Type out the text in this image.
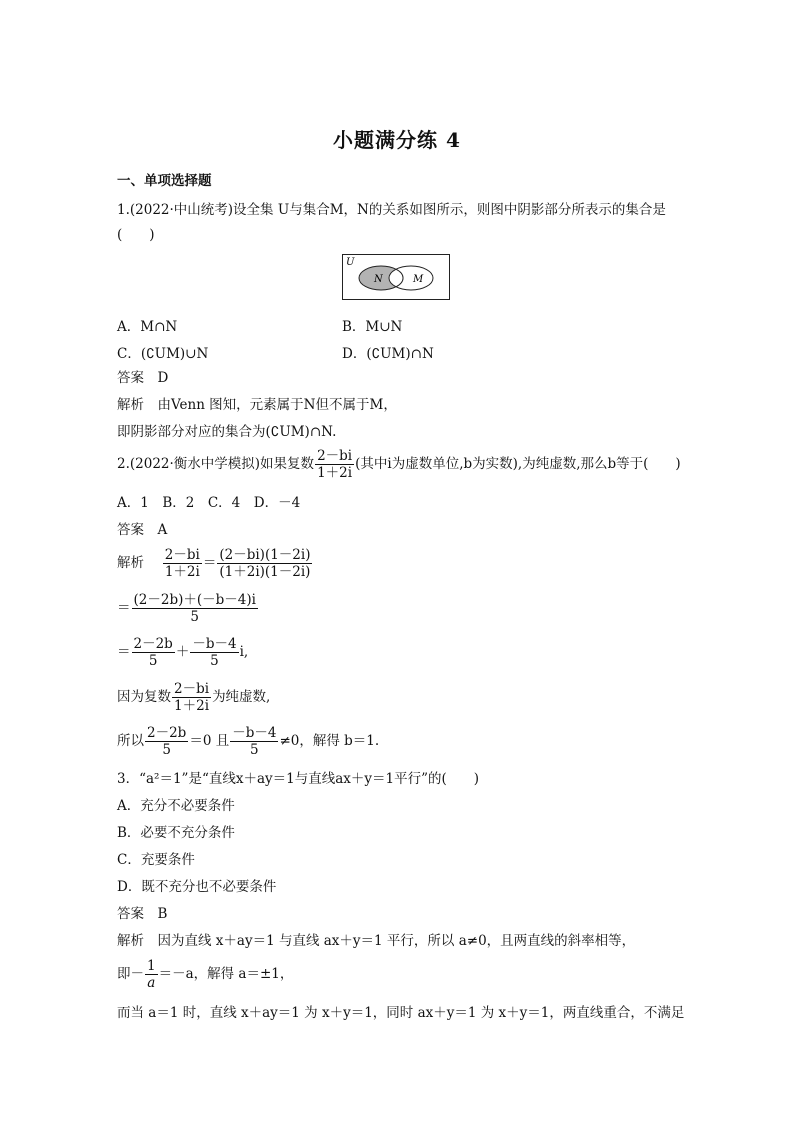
小题满分练 4
一、单项选择题
1.(2022·中山统考)设全集 U与集合M，N的关系如图所示，则图中阴影部分所表示的集合是
(　　)
U
N	M
A．M∩N	B．M∪N
C．(∁UM)∪N	D．(∁UM)∩N
答案　D
解析　由Venn 图知，元素属于N但不属于M，
即阴影部分对应的集合为(∁UM)∩N.
2.(2022·衡水中学模拟)如果复数 $\frac{2-bi}{1+2i}$ (其中i为虚数单位,b为实数),为纯虚数,那么b等于(　　)
A．1　B．2　C．4　D．－4
答案　A
解析　 $\frac{2-bi}{1+2i} = \frac{(2-bi)(1-2i)}{(1+2i)(1-2i)}$
＝ $\frac{(2-2b)+(-b-4)i}{5}$
＝ $\frac{2-2b}{5} + \frac{-b-4}{5} i$,
因为复数 $\frac{2-bi}{1+2i}$ 为纯虚数,
所以 $\frac{2-2b}{5} =0$ 且 $\frac{-b-4}{5} \ne 0$，解得 b＝1.
3．“a²＝1”是“直线x＋ay＝1与直线ax＋y＝1平行”的(　　)
A．充分不必要条件
B．必要不充分条件
C．充要条件
D．既不充分也不必要条件
答案　B
解析　因为直线 x＋ay＝1 与直线 ax＋y＝1 平行，所以 a≠0，且两直线的斜率相等，
即－ $\frac{1}{a} =-a$，解得 a＝±1，
而当 a＝1 时，直线 x＋ay＝1 为 x＋y＝1，同时 ax＋y＝1 为 x＋y＝1，两直线重合，不满足
